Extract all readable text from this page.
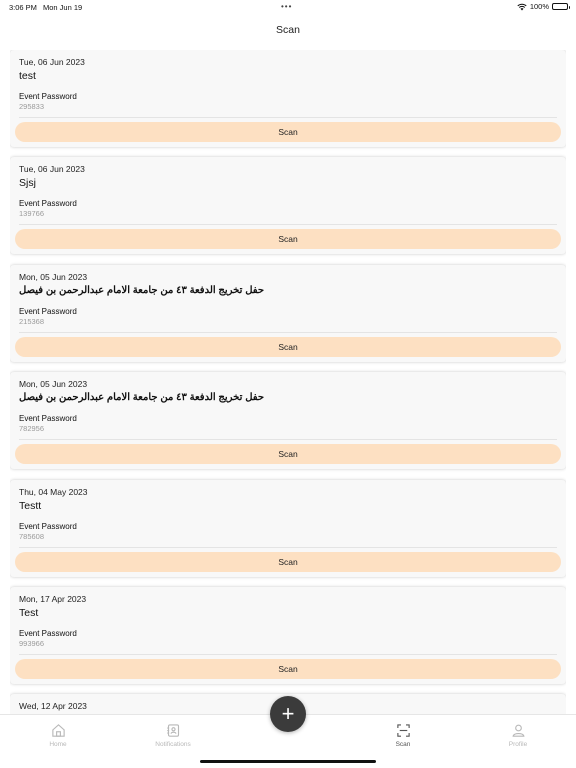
3:06 PM Mon Jun 19	•••	100%
Scan
Tue, 06 Jun 2023
test
Event Password
295833
Scan
Tue, 06 Jun 2023
Sjsj
Event Password
139766
Scan
Mon, 05 Jun 2023
حفل تخريج الدفعة ٤٣ من جامعة الامام عبدالرحمن بن فيصل
Event Password
215368
Scan
Mon, 05 Jun 2023
حفل تخريج الدفعة ٤٣ من جامعة الامام عبدالرحمن بن فيصل
Event Password
782956
Scan
Thu, 04 May 2023
Testt
Event Password
785608
Scan
Mon, 17 Apr 2023
Test
Event Password
993966
Scan
Wed, 12 Apr 2023
Home	Notifications	Scan	Profile
+
